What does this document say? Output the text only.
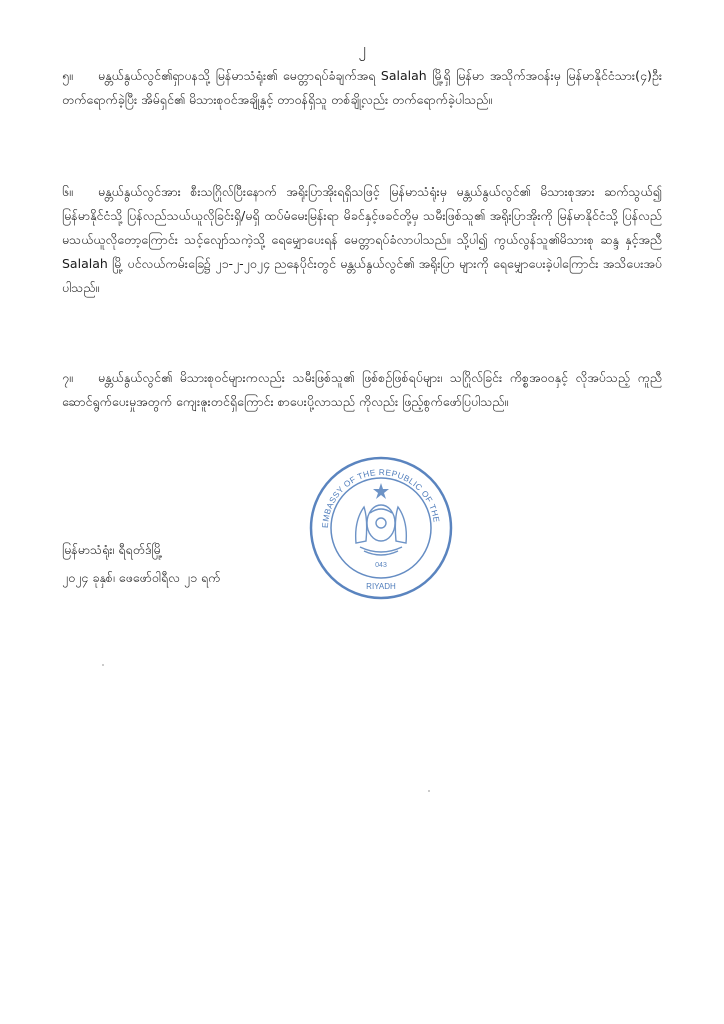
၂
၅။ မန္တယ်နွယ်လွင်၏ရှာပနသို့ မြန်မာသံရုံး၏ မေတ္တာရပ်ခံချက်အရ Salalah မြို့ရှိ မြန်မာ အသိုက်အဝန်းမှ မြန်မာနိုင်ငံသား(၄)ဦး တက်ရောက်ခဲ့ပြီး အိမ်ရှင်၏ မိသားစုဝင်အချို့နှင့် တာဝန်ရှိသူ တစ်ချို့လည်း တက်ရောက်ခဲ့ပါသည်။
၆။ မန္တယ်နွယ်လွင်အား စီးသဂြိုလ်ပြီးနောက် အရိုးပြာအိုးရရှိသဖြင့် မြန်မာသံရုံးမှ မန္တယ်နွယ်လွင်၏ မိသားစုအား ဆက်သွယ်၍ မြန်မာနိုင်ငံသို့ ပြန်လည်သယ်ယူလိုခြင်းရှိ/မရှိ ထပ်မံမေးမြန်းရာ မိခင်နှင့်ဖခင်တို့မှ သမီးဖြစ်သူ၏ အရိုးပြာအိုးကို မြန်မာနိုင်ငံသို့ ပြန်လည်မသယ်ယူလိုတော့ကြောင်း သင့်လျော်သကဲ့သို့ ရေမျှောပေးရန် မေတ္တာရပ်ခံလာပါသည်။ သို့ပါ၍ ကွယ်လွန်သူ၏မိသားစု ဆန္ဒ နှင့်အညီ Salalah မြို့ ပင်လယ်ကမ်းခြေ၌ ၂၁-၂-၂၀၂၄ ညနေပိုင်းတွင် မန္တယ်နွယ်လွင်၏ အရိုးပြာ များကို ရေမျှောပေးခဲ့ပါကြောင်း အသိပေးအပ်ပါသည်။
၇။ မန္တယ်နွယ်လွင်၏ မိသားစုဝင်များကလည်း သမီးဖြစ်သူ၏ ဖြစ်စဉ်ဖြစ်ရပ်များ၊ သဂြိုလ်ခြင်း ကိစ္စအဝဝနှင့် လိုအပ်သည့် ကူညီဆောင်ရွက်ပေးမှုအတွက် ကျေးဇူးတင်ရှိကြောင်း စာပေးပို့လာသည် ကိုလည်း ဖြည့်စွက်ဖော်ပြပါသည်။
EMBASSY OF THE REPUBLIC OF THE
043
RIYADH
မြန်မာသံရုံး၊ ရီရတ်ဒ်မြို့
၂၀၂၄ ခုနှစ်၊ ဖေဖော်ဝါရီလ ၂၁ ရက်
